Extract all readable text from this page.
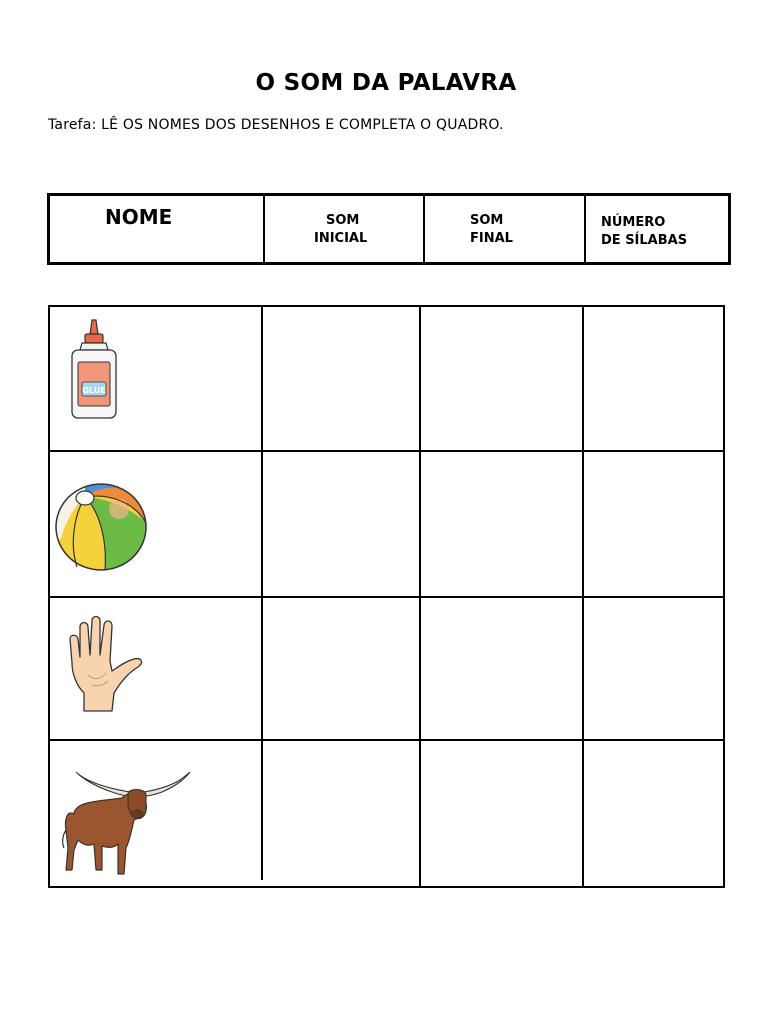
O SOM DA PALAVRA
Tarefa: LÊ OS NOMES DOS DESENHOS E COMPLETA O QUADRO.
NOME	SOM
INICIAL
SOM
FINAL
NÚMERO
DE SÍLABAS
GLUE
